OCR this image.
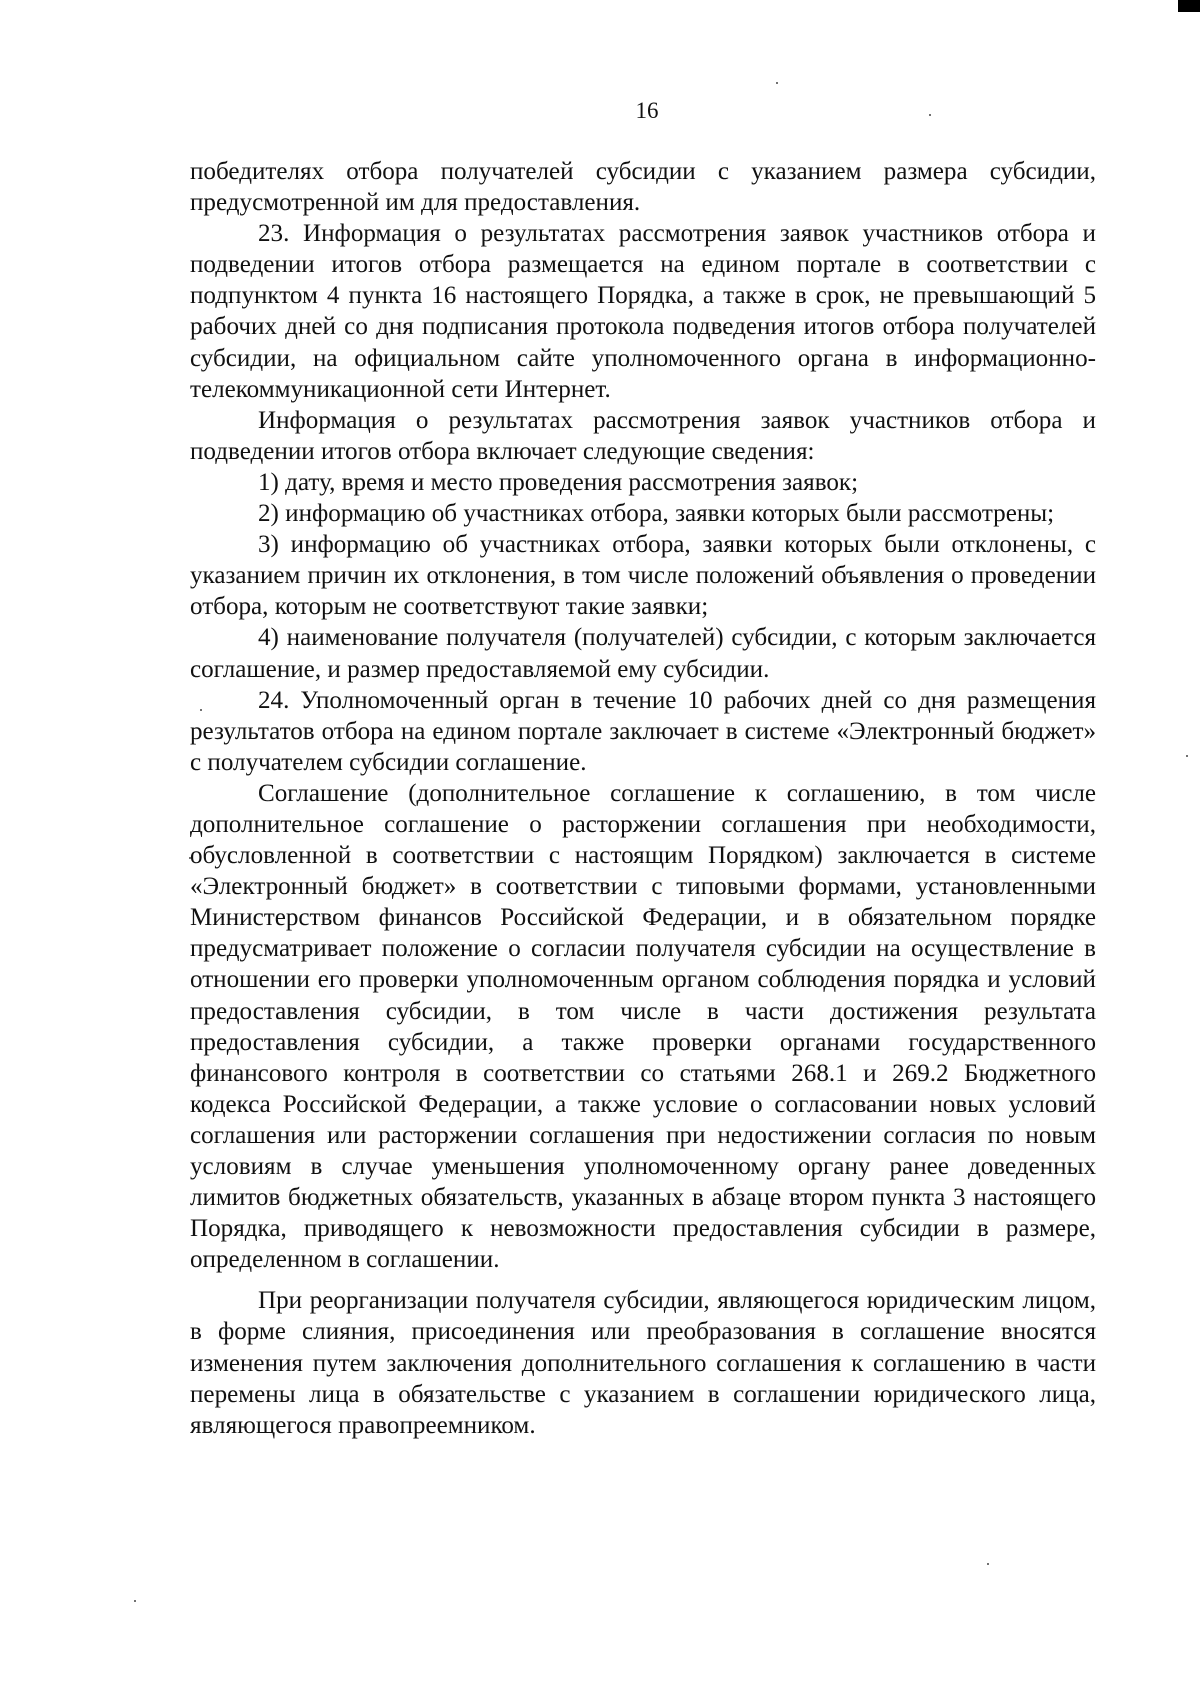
16

победителях отбора получателей субсидии с указанием размера субсидии, предусмотренной им для предоставления.

23. Информация о результатах рассмотрения заявок участников отбора и подведении итогов отбора размещается на едином портале в соответствии с подпунктом 4 пункта 16 настоящего Порядка, а также в срок, не превышающий 5 рабочих дней со дня подписания протокола подведения итогов отбора получателей субсидии, на официальном сайте уполномоченного органа в информационно-телекоммуникационной сети Интернет.

Информация о результатах рассмотрения заявок участников отбора и подведении итогов отбора включает следующие сведения:

1) дату, время и место проведения рассмотрения заявок;

2) информацию об участниках отбора, заявки которых были рассмотрены;

3) информацию об участниках отбора, заявки которых были отклонены, с указанием причин их отклонения, в том числе положений объявления о проведении отбора, которым не соответствуют такие заявки;

4) наименование получателя (получателей) субсидии, с которым заключается соглашение, и размер предоставляемой ему субсидии.

24. Уполномоченный орган в течение 10 рабочих дней со дня размещения результатов отбора на едином портале заключает в системе «Электронный бюджет» с получателем субсидии соглашение.

Соглашение (дополнительное соглашение к соглашению, в том числе дополнительное соглашение о расторжении соглашения при необходимости, обусловленной в соответствии с настоящим Порядком) заключается в системе «Электронный бюджет» в соответствии с типовыми формами, установленными Министерством финансов Российской Федерации, и в обязательном порядке предусматривает положение о согласии получателя субсидии на осуществление в отношении его проверки уполномоченным органом соблюдения порядка и условий предоставления субсидии, в том числе в части достижения результата предоставления субсидии, а также проверки органами государственного финансового контроля в соответствии со статьями 268.1 и 269.2 Бюджетного кодекса Российской Федерации, а также условие о согласовании новых условий соглашения или расторжении соглашения при недостижении согласия по новым условиям в случае уменьшения уполномоченному органу ранее доведенных лимитов бюджетных обязательств, указанных в абзаце втором пункта 3 настоящего Порядка, приводящего к невозможности предоставления субсидии в размере, определенном в соглашении.

При реорганизации получателя субсидии, являющегося юридическим лицом, в форме слияния, присоединения или преобразования в соглашение вносятся изменения путем заключения дополнительного соглашения к соглашению в части перемены лица в обязательстве с указанием в соглашении юридического лица, являющегося правопреемником.
